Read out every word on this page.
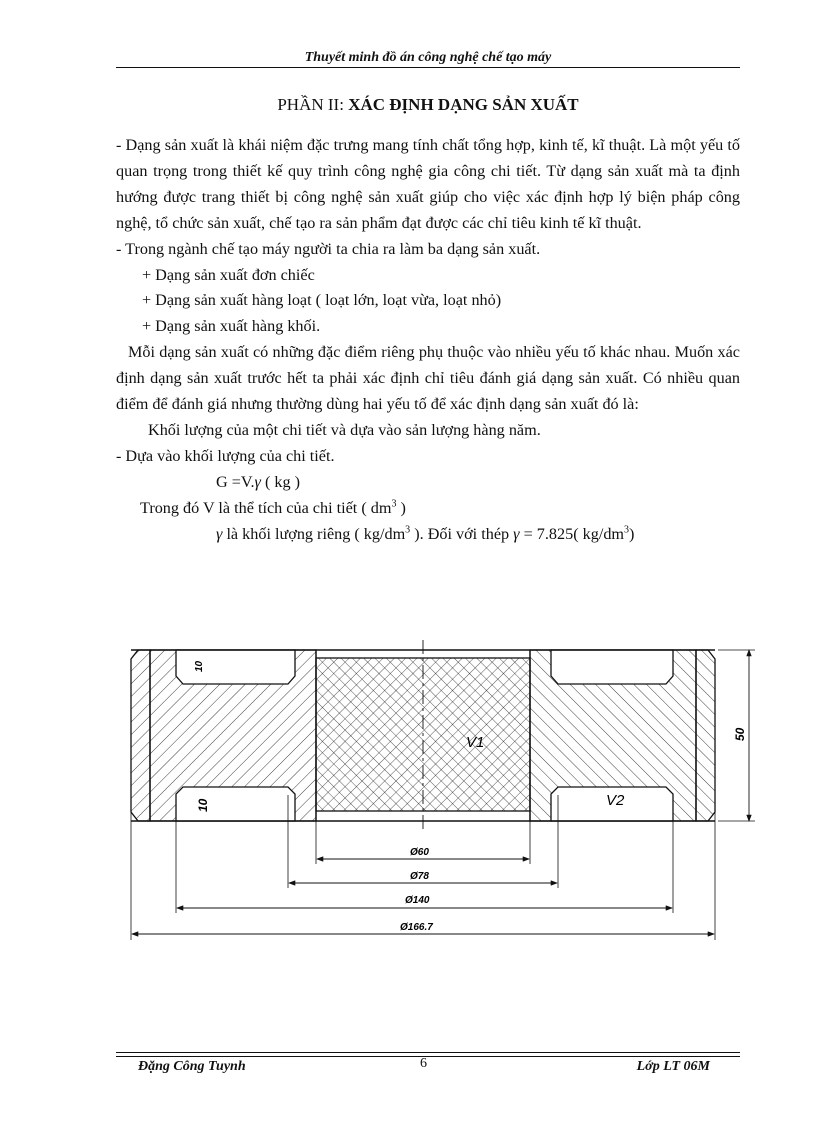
Thuyết minh đồ án công nghệ chế tạo máy
PHẦN II: XÁC ĐỊNH DẠNG SẢN XUẤT

- Dạng sản xuất là khái niệm đặc trưng mang tính chất tổng hợp, kinh tế, kĩ thuật. Là một yếu tố quan trọng trong thiết kế quy trình công nghệ gia công chi tiết. Từ dạng sản xuất mà ta định hướng được trang thiết bị công nghệ sản xuất giúp cho việc xác định hợp lý biện pháp công nghệ, tổ chức sản xuất, chế tạo ra sản phẩm đạt được các chỉ tiêu kinh tế kĩ thuật.

- Trong ngành chế tạo máy người ta chia ra làm ba dạng sản xuất.

+ Dạng sản xuất đơn chiếc

+ Dạng sản xuất hàng loạt ( loạt lớn, loạt vừa, loạt nhỏ)

+ Dạng sản xuất hàng khối.

Mỗi dạng sản xuất có những đặc điểm riêng phụ thuộc vào nhiều yếu tố khác nhau. Muốn xác định dạng sản xuất trước hết ta phải xác định chỉ tiêu đánh giá dạng sản xuất. Có nhiều quan điểm để đánh giá nhưng thường dùng hai yếu tố để xác định dạng sản xuất đó là:

Khối lượng của một chi tiết và dựa vào sản lượng hàng năm.

- Dựa vào khối lượng của chi tiết.

G =V.γ ( kg )

Trong đó V là thể tích của chi tiết ( $dm^3$ )

γ là khối lượng riêng ( $kg/dm^3$ ). Đối với thép γ = 7.825( $kg/dm^3$)

V1
V2
10
10
50
Ø60
Ø78
Ø140
Ø166.7
Đặng Công Tuynh	6	Lớp LT 06M
